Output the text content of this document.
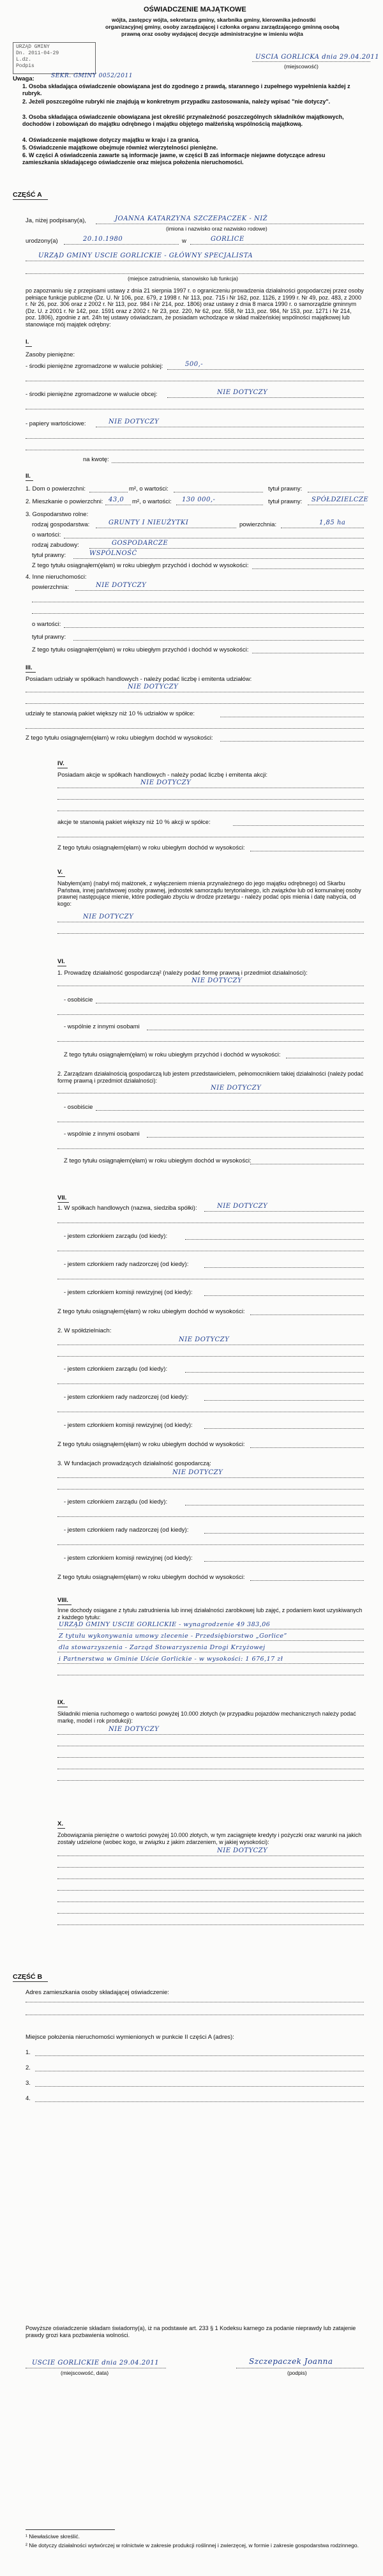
OŚWIADCZENIE MAJĄTKOWE
wójta, zastępcy wójta, sekretarza gminy, skarbnika gminy, kierownika jednostki
organizacyjnej gminy, osoby zarządzającej i członka organu zarządzającego gminną osobą
prawną oraz osoby wydającej decyzje administracyjne w imieniu wójta
URZĄD GMINY
Dn. 2011-04-29
L.dz.
Podpis
SEKR. GMINY 0052/2011
USCIA GORLICKA dnia 29.04.2011
(miejscowość)
Uwaga:
1. Osoba składająca oświadczenie obowiązana jest do zgodnego z prawdą, starannego i zupełnego wypełnienia każdej z rubryk.
2. Jeżeli poszczególne rubryki nie znajdują w konkretnym przypadku zastosowania, należy wpisać "nie dotyczy".
3. Osoba składająca oświadczenie obowiązana jest określić przynależność poszczególnych składników majątkowych, dochodów i zobowiązań do majątku odrębnego i majątku objętego małżeńską wspólnością majątkową.
4. Oświadczenie majątkowe dotyczy majątku w kraju i za granicą.
5. Oświadczenie majątkowe obejmuje również wierzytelności pieniężne.
6. W części A oświadczenia zawarte są informacje jawne, w części B zaś informacje niejawne dotyczące adresu zamieszkania składającego oświadczenie oraz miejsca położenia nieruchomości.
CZĘŚĆ A
Ja, niżej podpisany(a),	JOANNA KATARZYNA SZCZEPACZEK - NIŻ
(imiona i nazwisko oraz nazwisko rodowe)
urodzony(a)	20.10.1980	w	GORLICE
URZĄD GMINY USCIE GORLICKIE - GŁÓWNY SPECJALISTA
(miejsce zatrudnienia, stanowisko lub funkcja)
po zapoznaniu się z przepisami ustawy z dnia 21 sierpnia 1997 r. o ograniczeniu prowadzenia działalności gospodarczej przez osoby pełniące funkcje publiczne (Dz. U. Nr 106, poz. 679, z 1998 r. Nr 113, poz. 715 i Nr 162, poz. 1126, z 1999 r. Nr 49, poz. 483, z 2000 r. Nr 26, poz. 306 oraz z 2002 r. Nr 113, poz. 984 i Nr 214, poz. 1806) oraz ustawy z dnia 8 marca 1990 r. o samorządzie gminnym (Dz. U. z 2001 r. Nr 142, poz. 1591 oraz z 2002 r. Nr 23, poz. 220, Nr 62, poz. 558, Nr 113, poz. 984, Nr 153, poz. 1271 i Nr 214, poz. 1806), zgodnie z art. 24h tej ustawy oświadczam, że posiadam wchodzące w skład małżeńskiej wspólności majątkowej lub stanowiące mój majątek odrębny:
I.
Zasoby pieniężne:
- środki pieniężne zgromadzone w walucie polskiej:	500,-
- środki pieniężne zgromadzone w walucie obcej:	NIE DOTYCZY
- papiery wartościowe:	NIE DOTYCZY
na kwotę:
II.
1. Dom o powierzchni:	m², o wartości:	tytuł prawny:
2. Mieszkanie o powierzchni: 43,0 m², o wartości: 130 000,-	tytuł prawny: SPÓŁDZIELCZE
3. Gospodarstwo rolne:
rodzaj gospodarstwa:	GRUNTY I NIEUŻYTKI	powierzchnia:	1,85 ha
o wartości:
rodzaj zabudowy:	GOSPODARCZE
tytuł prawny:	WSPÓLNOŚĆ
Z tego tytułu osiągnąłem(ęłam) w roku ubiegłym przychód i dochód w wysokości:
4. Inne nieruchomości:
powierzchnia:	NIE DOTYCZY
o wartości:
tytuł prawny:
Z tego tytułu osiągnąłem(ęłam) w roku ubiegłym przychód i dochód w wysokości:
III.
Posiadam udziały w spółkach handlowych - należy podać liczbę i emitenta udziałów:
NIE DOTYCZY
udziały te stanowią pakiet większy niż 10 % udziałów w spółce:
Z tego tytułu osiągnąłem(ęłam) w roku ubiegłym dochód w wysokości:
IV.
Posiadam akcje w spółkach handlowych - należy podać liczbę i emitenta akcji:
NIE DOTYCZY
akcje te stanowią pakiet większy niż 10 % akcji w spółce:
Z tego tytułu osiągnąłem(ęłam) w roku ubiegłym dochód w wysokości:
V.
Nabyłem(am) (nabył mój małżonek, z wyłączeniem mienia przynależnego do jego majątku odrębnego) od Skarbu Państwa, innej państwowej osoby prawnej, jednostek samorządu terytorialnego, ich związków lub od komunalnej osoby prawnej następujące mienie, które podlegało zbyciu w drodze przetargu - należy podać opis mienia i datę nabycia, od kogo:
NIE DOTYCZY
VI.
1. Prowadzę działalność gospodarczą² (należy podać formę prawną i przedmiot działalności):
NIE DOTYCZY
- osobiście
- wspólnie z innymi osobami
Z tego tytułu osiągnąłem(ęłam) w roku ubiegłym przychód i dochód w wysokości:
2. Zarządzam działalnością gospodarczą lub jestem przedstawicielem, pełnomocnikiem takiej działalności (należy podać formę prawną i przedmiot działalności):
NIE DOTYCZY
- osobiście
- wspólnie z innymi osobami
Z tego tytułu osiągnąłem(ęłam) w roku ubiegłym dochód w wysokości:
VII.
1. W spółkach handlowych (nazwa, siedziba spółki):	NIE DOTYCZY
- jestem członkiem zarządu (od kiedy):
- jestem członkiem rady nadzorczej (od kiedy):
- jestem członkiem komisji rewizyjnej (od kiedy):
Z tego tytułu osiągnąłem(ęłam) w roku ubiegłym dochód w wysokości:
2. W spółdzielniach:
NIE DOTYCZY
- jestem członkiem zarządu (od kiedy):
- jestem członkiem rady nadzorczej (od kiedy):
- jestem członkiem komisji rewizyjnej (od kiedy):
Z tego tytułu osiągnąłem(ęłam) w roku ubiegłym dochód w wysokości:
3. W fundacjach prowadzących działalność gospodarczą:
NIE DOTYCZY
- jestem członkiem zarządu (od kiedy):
- jestem członkiem rady nadzorczej (od kiedy):
- jestem członkiem komisji rewizyjnej (od kiedy):
Z tego tytułu osiągnąłem(ęłam) w roku ubiegłym dochód w wysokości:
VIII.
Inne dochody osiągane z tytułu zatrudnienia lub innej działalności zarobkowej lub zajęć, z podaniem kwot uzyskiwanych z każdego tytułu:
URZĄD GMINY USCIE GORLICKIE - wynagrodzenie 49 383,06
Z tytułu wykonywania umowy zlecenie - Przedsiębiorstwo „Gorlice”
dla stowarzyszenia - Zarząd Stowarzyszenia Drogi Krzyżowej
i Partnerstwa w Gminie Uście Gorlickie - w wysokości: 1 676,17 zł
IX.
Składniki mienia ruchomego o wartości powyżej 10.000 złotych (w przypadku pojazdów mechanicznych należy podać markę, model i rok produkcji):
NIE DOTYCZY
X.
Zobowiązania pieniężne o wartości powyżej 10.000 złotych, w tym zaciągnięte kredyty i pożyczki oraz warunki na jakich zostały udzielone (wobec kogo, w związku z jakim zdarzeniem, w jakiej wysokości):
NIE DOTYCZY
CZĘŚĆ B
Adres zamieszkania osoby składającej oświadczenie:
Miejsce położenia nieruchomości wymienionych w punkcie II części A (adres):
1.
2.
3.
4.
Powyższe oświadczenie składam świadomy(a), iż na podstawie art. 233 § 1 Kodeksu karnego za podanie nieprawdy lub zatajenie prawdy grozi kara pozbawienia wolności.
USCIE GORLICKIE dnia 29.04.2011
(miejscowość, data)
Szczepaczek Joanna
(podpis)
¹ Niewłaściwe skreślić.
² Nie dotyczy działalności wytwórczej w rolnictwie w zakresie produkcji roślinnej i zwierzęcej, w formie i zakresie gospodarstwa rodzinnego.
